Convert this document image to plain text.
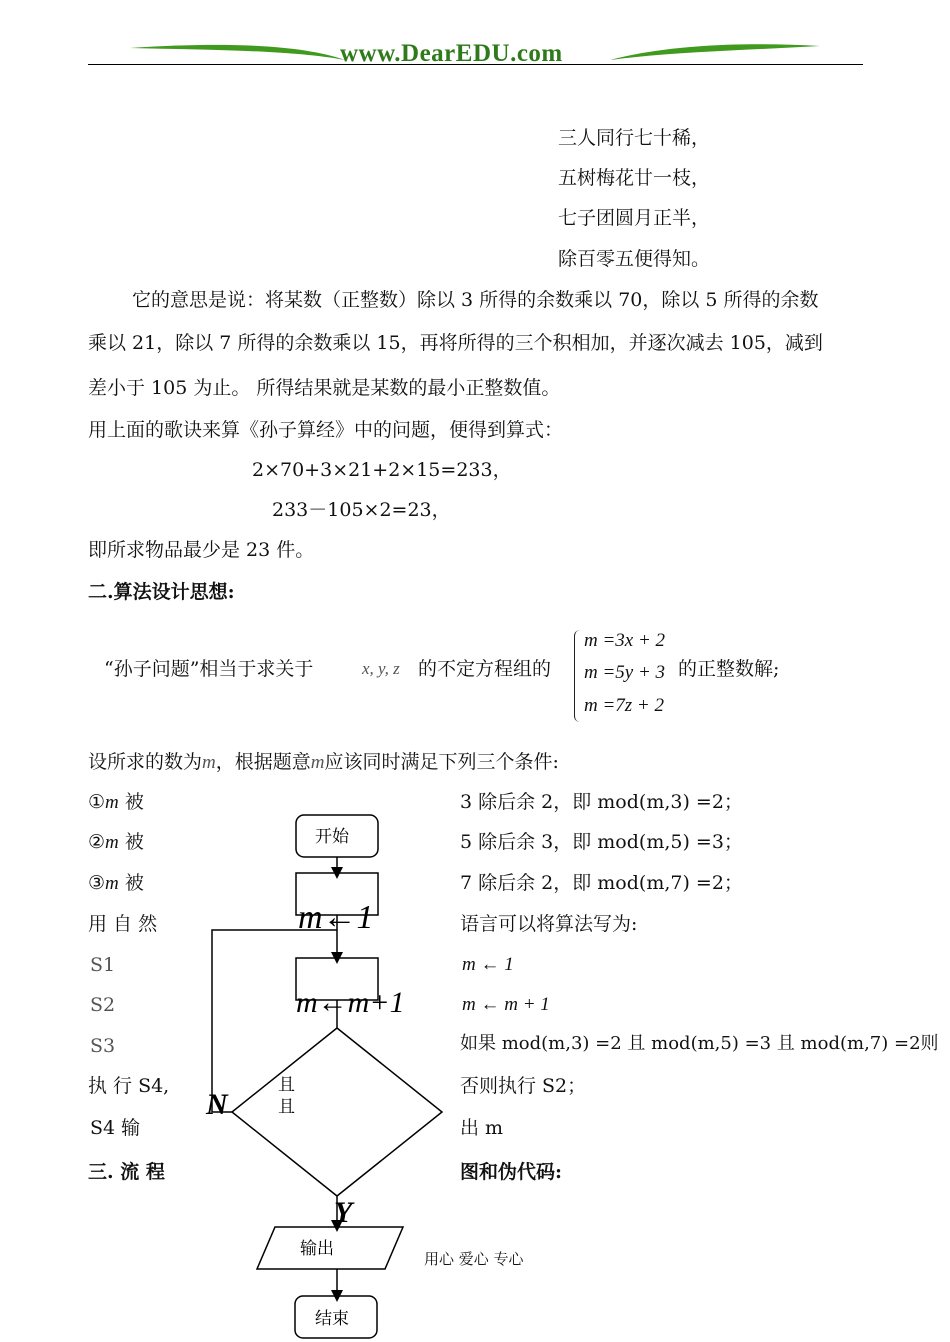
www.DearEDU.com
三人同行七十稀，
五树梅花廿一枝，
七子团圆月正半，
除百零五便得知。
它的意思是说：将某数（正整数）除以 3 所得的余数乘以 70，除以 5 所得的余数
乘以 21，除以 7 所得的余数乘以 15，再将所得的三个积相加，并逐次减去 105，减到
差小于 105 为止。 所得结果就是某数的最小正整数值。
用上面的歌诀来算《孙子算经》中的问题，便得到算式：
2×70+3×21+2×15=233，
233－105×2=23，
即所求物品最少是 23 件。
二.算法设计思想:
“孙子问题”相当于求关于	x, y, z 的不定方程组的
m =3x + 2
m =5y + 3
m =7z + 2
的正整数解;
设所求的数为m，根据题意m应该同时满足下列三个条件:
①m 被	3 除后余 2，即 mod(m,3) =2；
②m 被	5 除后余 3，即 mod(m,5) =3；
③m 被	7 除后余 2，即 mod(m,7) =2；
用 自 然	语言可以将算法写为:
S1	m ← 1
S2	m ← m + 1
S3	如果 mod(m,3) =2 且 mod(m,5) =3 且 mod(m,7) =2则
执 行 S4,	否则执行 S2；
S4 输	出 m
三. 流 程	图和伪代码:
开始
m←1
m←m+1
且
且
N
Y
输出
结束
用心 爱心 专心
